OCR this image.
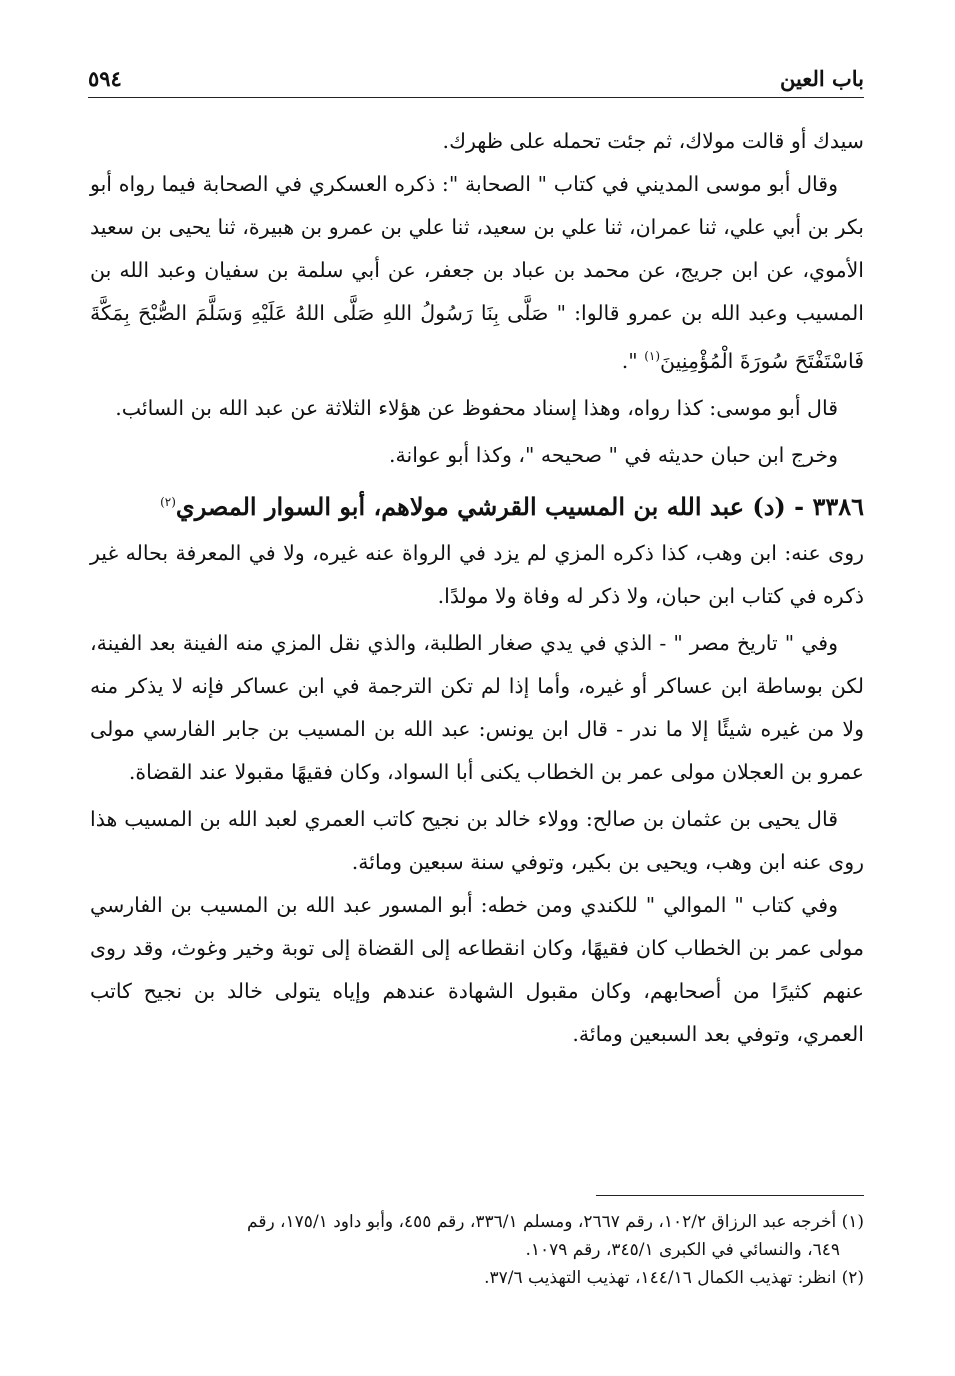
باب العين
٥٩٤

سيدك أو قالت مولاك، ثم جئت تحمله على ظهرك.

وقال أبو موسى المديني في كتاب " الصحابة ": ذكره العسكري في الصحابة فيما رواه أبو بكر بن أبي علي، ثنا عمران، ثنا علي بن سعيد، ثنا علي بن عمرو بن هبيرة، ثنا يحيى بن سعيد الأموي، عن ابن جريج، عن محمد بن عباد بن جعفر، عن أبي سلمة بن سفيان وعبد الله بن المسيب وعبد الله بن عمرو قالوا: " صَلَّى بِنَا رَسُولُ اللهِ صَلَّى اللهُ عَلَيْهِ وَسَلَّمَ الصُّبْحَ بِمَكَّةَ فَاسْتَفْتَحَ سُورَةَ الْمُؤْمِنِينَ$^{(١)}$ ".

قال أبو موسى: كذا رواه، وهذا إسناد محفوظ عن هؤلاء الثلاثة عن عبد الله بن السائب.

وخرج ابن حبان حديثه في " صحيحه "، وكذا أبو عوانة.

٣٣٨٦ - (د) عبد الله بن المسيب القرشي مولاهم، أبو السوار المصري$^{(٢)}$

روى عنه: ابن وهب، كذا ذكره المزي لم يزد في الرواة عنه غيره، ولا في المعرفة بحاله غير ذكره في كتاب ابن حبان، ولا ذكر له وفاة ولا مولدًا.

وفي " تاريخ مصر " - الذي في يدي صغار الطلبة، والذي نقل المزي منه الفينة بعد الفينة، لكن بوساطة ابن عساكر أو غيره، وأما إذا لم تكن الترجمة في ابن عساكر فإنه لا يذكر منه ولا من غيره شيئًا إلا ما ندر - قال ابن يونس: عبد الله بن المسيب بن جابر الفارسي مولى عمرو بن العجلان مولى عمر بن الخطاب يكنى أبا السواد، وكان فقيهًا مقبولا عند القضاة.

قال يحيى بن عثمان بن صالح: وولاء خالد بن نجيح كاتب العمري لعبد الله بن المسيب هذا روى عنه ابن وهب، ويحيى بن بكير، وتوفي سنة سبعين ومائة.

وفي كتاب " الموالي " للكندي ومن خطه: أبو المسور عبد الله بن المسيب بن الفارسي مولى عمر بن الخطاب كان فقيهًا، وكان انقطاعه إلى القضاة إلى توبة وخير وغوث، وقد روى عنهم كثيرًا من أصحابهم، وكان مقبول الشهادة عندهم وإياه يتولى خالد بن نجيح كاتب العمري، وتوفي بعد السبعين ومائة.

(١) أخرجه عبد الرزاق ١٠٢/٢، رقم ٢٦٦٧، ومسلم ٣٣٦/١، رقم ٤٥٥، وأبو داود ١٧٥/١، رقم

٦٤٩، والنسائي في الكبرى ٣٤٥/١، رقم ١٠٧٩.

(٢) انظر: تهذيب الكمال ١٤٤/١٦، تهذيب التهذيب ٣٧/٦.
